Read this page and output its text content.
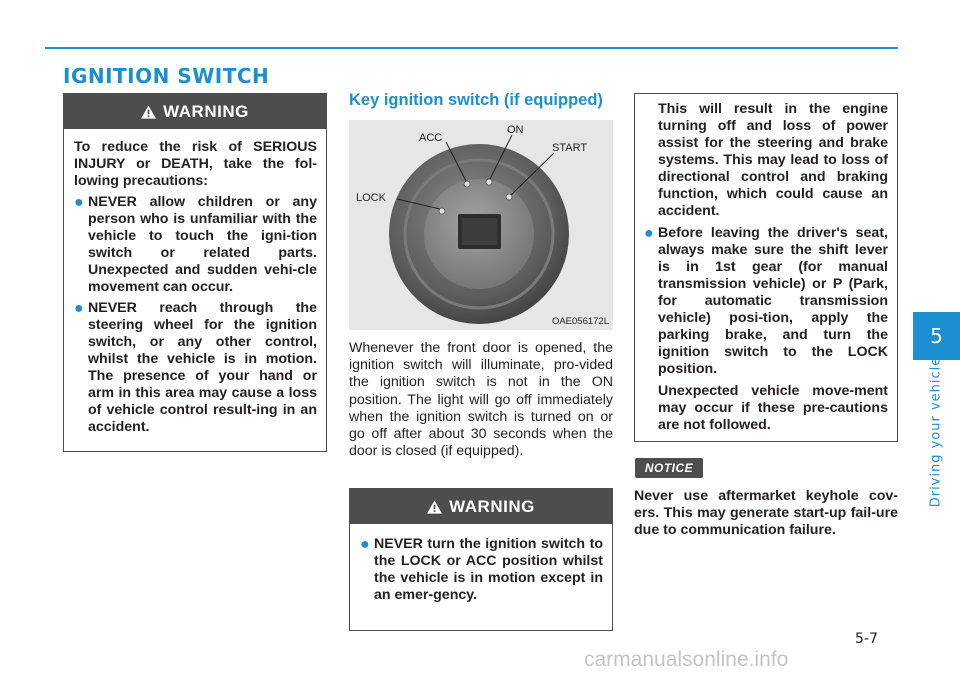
IGNITION SWITCH
WARNING

To reduce the risk of SERIOUS INJURY or DEATH, take the fol-lowing precautions:

● NEVER allow children or any person who is unfamiliar with the vehicle to touch the igni-tion switch or related parts. Unexpected and sudden vehi-cle movement can occur.
● NEVER reach through the steering wheel for the ignition switch, or any other control, whilst the vehicle is in motion. The presence of your hand or arm in this area may cause a loss of vehicle control result-ing in an accident.
Key ignition switch (if equipped)
LOCK
ACC
ON
START
OAE056172L

Whenever the front door is opened, the ignition switch will illuminate, pro-vided the ignition switch is not in the ON position. The light will go off immediately when the ignition switch is turned on or go off after about 30 seconds when the door is closed (if equipped).

WARNING
● NEVER turn the ignition switch to the LOCK or ACC position whilst the vehicle is in motion except in an emer-gency.
This will result in the engine turning off and loss of power assist for the steering and brake systems. This may lead to loss of directional control and braking function, which could cause an accident.
● Before leaving the driver's seat, always make sure the shift lever is in 1st gear (for manual transmission vehicle) or P (Park, for automatic transmission vehicle) posi-tion, apply the parking brake, and turn the ignition switch to the LOCK position.
Unexpected vehicle move-ment may occur if these pre-cautions are not followed.
NOTICE

Never use aftermarket keyhole cov-ers. This may generate start-up fail-ure due to communication failure.

5
Driving your vehicle

5-7

carmanualsonline.info
